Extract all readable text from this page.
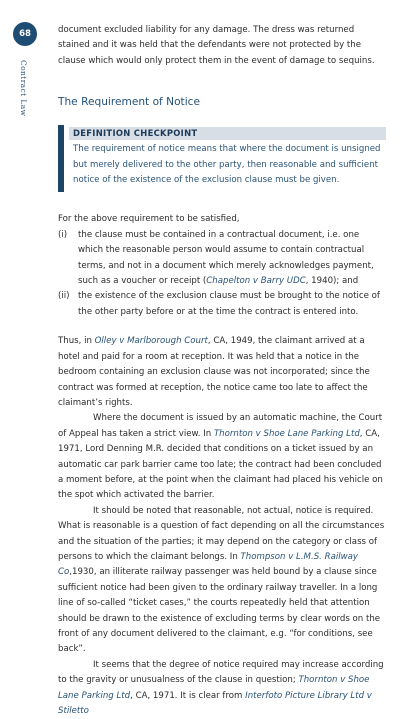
68
Contract Law

document excluded liability for any damage. The dress was returned stained and it was held that the defendants were not protected by the clause which would only protect them in the event of damage to sequins.

The Requirement of Notice
DEFINITION CHECKPOINT
The requirement of notice means that where the document is unsigned but merely delivered to the other party, then reasonable and sufficient notice of the existence of the exclusion clause must be given.

For the above requirement to be satisfied,

(i)	the clause must be contained in a contractual document, i.e. one which the reasonable person would assume to contain contractual terms, and not in a document which merely acknowledges payment, such as a voucher or receipt (Chapelton v Barry UDC, 1940); and
(ii) the existence of the exclusion clause must be brought to the notice of the other party before or at the time the contract is entered into.

Thus, in Olley v Marlborough Court, CA, 1949, the claimant arrived at a hotel and paid for a room at reception. It was held that a notice in the bedroom containing an exclusion clause was not incorporated; since the contract was formed at reception, the notice came too late to affect the claimant’s rights.

Where the document is issued by an automatic machine, the Court of Appeal has taken a strict view. In Thornton v Shoe Lane Parking Ltd, CA, 1971, Lord Denning M.R. decided that conditions on a ticket issued by an automatic car park barrier came too late; the contract had been concluded a moment before, at the point when the claimant had placed his vehicle on the spot which activated the barrier.

It should be noted that reasonable, not actual, notice is required. What is reasonable is a question of fact depending on all the circumstances and the situation of the parties; it may depend on the category or class of persons to which the claimant belongs. In Thompson v L.M.S. Railway Co,1930, an illiterate railway passenger was held bound by a clause since sufficient notice had been given to the ordinary railway traveller. In a long line of so-called “ticket cases,” the courts repeatedly held that attention should be drawn to the existence of excluding terms by clear words on the front of any document delivered to the claimant, e.g. “for conditions, see back”.

It seems that the degree of notice required may increase according to the gravity or unusualness of the clause in question; Thornton v Shoe Lane Parking Ltd, CA, 1971. It is clear from Interfoto Picture Library Ltd v Stiletto
